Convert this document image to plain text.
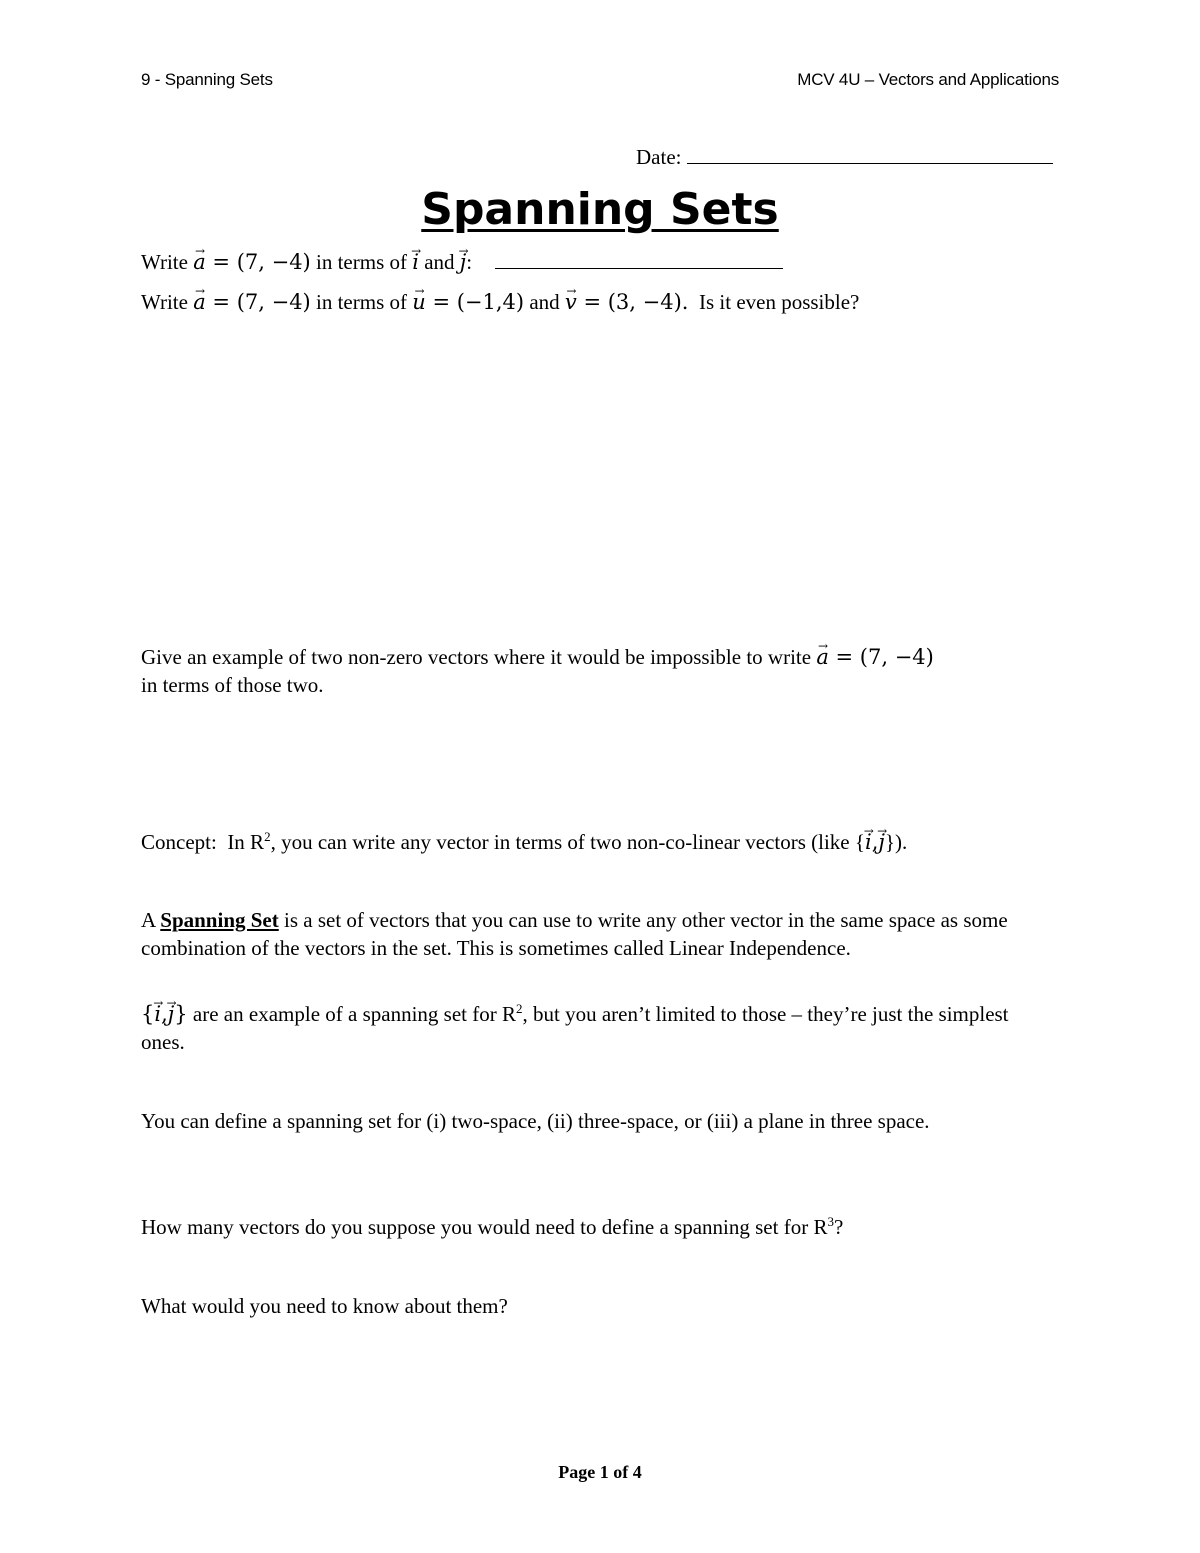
9 - Spanning Sets	MCV 4U – Vectors and Applications
Date:
Spanning Sets
Write a → = (7, −4) in terms of i → and j →:
Write a → = (7, −4) in terms of u → = (−1,4) and v → = (3, −4).  Is it even possible?
Give an example of two non-zero vectors where it would be impossible to write a → = (7, −4)
in terms of those two.
Concept:  In $R^2$, you can write any vector in terms of two non-co-linear vectors (like {i →,j →}).
A Spanning Set is a set of vectors that you can use to write any other vector in the same space as some combination of the vectors in the set. This is sometimes called Linear Independence.
{i →,j →} are an example of a spanning set for $R^2$, but you aren’t limited to those – they’re just the simplest ones.
You can define a spanning set for (i) two-space, (ii) three-space, or (iii) a plane in three space.
How many vectors do you suppose you would need to define a spanning set for $R^3$?
What would you need to know about them?
Page 1 of 4
